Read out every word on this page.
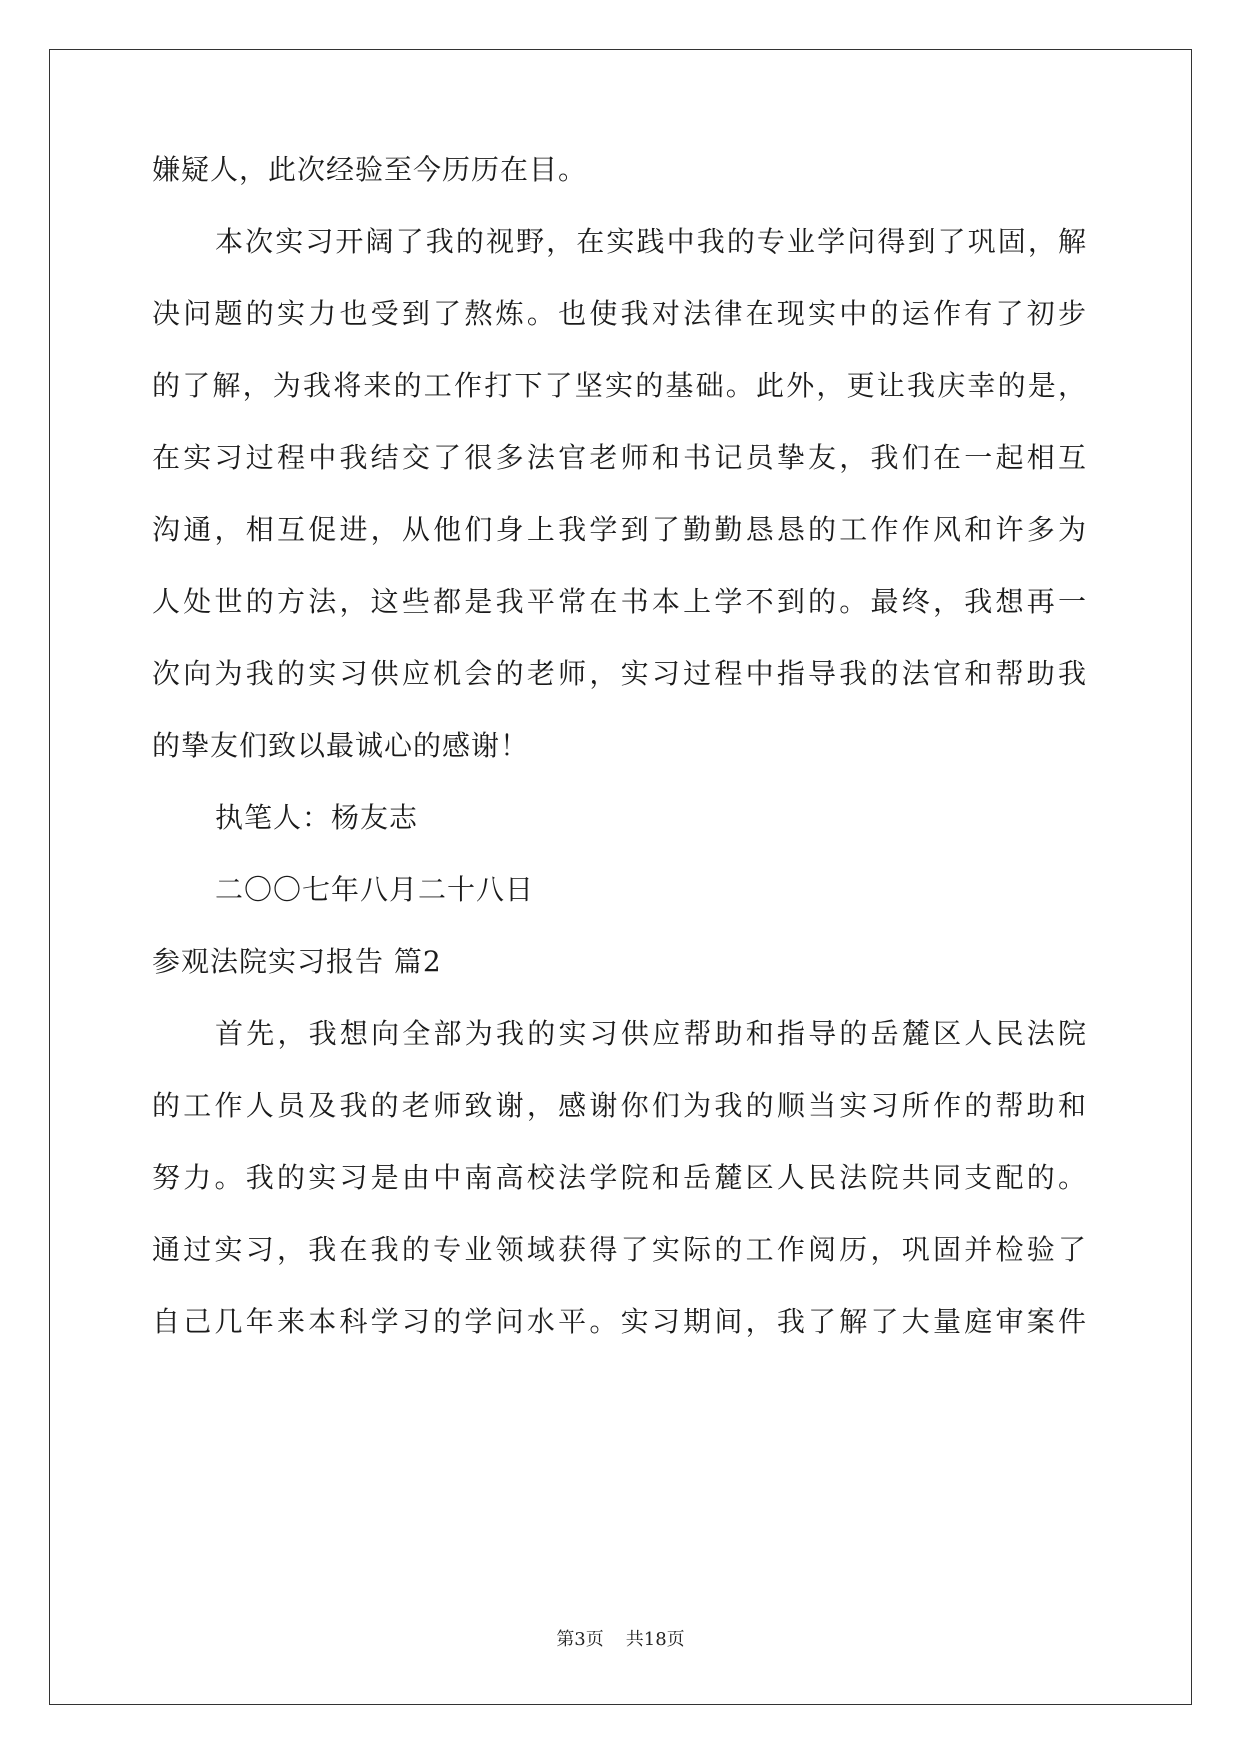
嫌疑人，此次经验至今历历在目。
本次实习开阔了我的视野，在实践中我的专业学问得到了巩固，解
决问题的实力也受到了熬炼。也使我对法律在现实中的运作有了初步
的了解，为我将来的工作打下了坚实的基础。此外，更让我庆幸的是，
在实习过程中我结交了很多法官老师和书记员挚友，我们在一起相互
沟通，相互促进，从他们身上我学到了勤勤恳恳的工作作风和许多为
人处世的方法，这些都是我平常在书本上学不到的。最终，我想再一
次向为我的实习供应机会的老师，实习过程中指导我的法官和帮助我
的挚友们致以最诚心的感谢！
执笔人：杨友志
二〇〇七年八月二十八日
参观法院实习报告 篇2
首先，我想向全部为我的实习供应帮助和指导的岳麓区人民法院
的工作人员及我的老师致谢，感谢你们为我的顺当实习所作的帮助和
努力。我的实习是由中南高校法学院和岳麓区人民法院共同支配的。
通过实习，我在我的专业领域获得了实际的工作阅历，巩固并检验了
自己几年来本科学习的学问水平。实习期间，我了解了大量庭审案件
第3页 共18页
